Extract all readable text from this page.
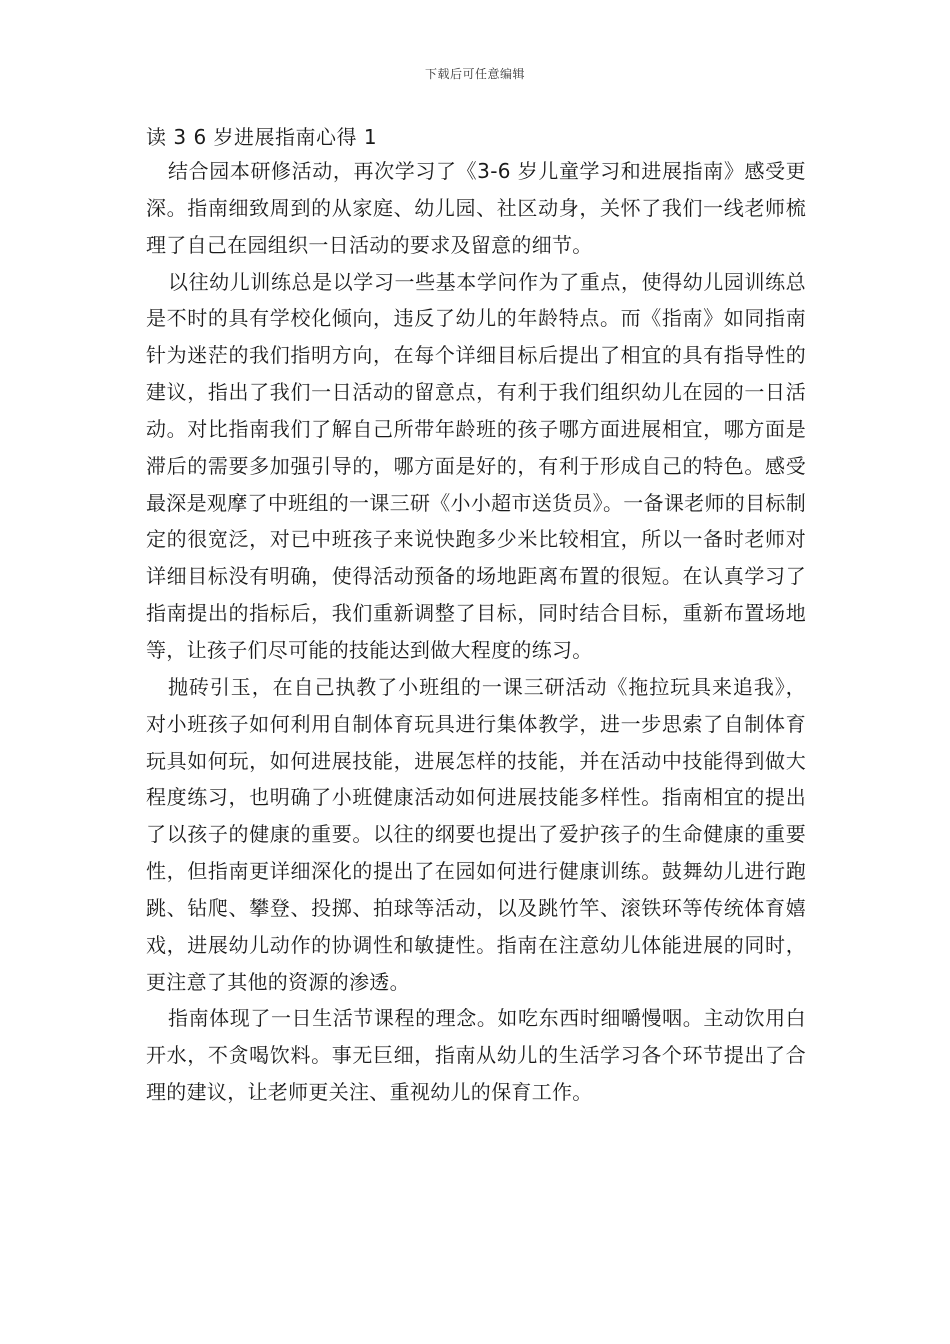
下载后可任意编辑
读 3 6 岁进展指南心得 1

结合园本研修活动，再次学习了《3-6 岁儿童学习和进展指南》感受更深。指南细致周到的从家庭、幼儿园、社区动身，关怀了我们一线老师梳理了自己在园组织一日活动的要求及留意的细节。

以往幼儿训练总是以学习一些基本学问作为了重点，使得幼儿园训练总是不时的具有学校化倾向，违反了幼儿的年龄特点。而《指南》如同指南针为迷茫的我们指明方向，在每个详细目标后提出了相宜的具有指导性的建议，指出了我们一日活动的留意点，有利于我们组织幼儿在园的一日活动。对比指南我们了解自己所带年龄班的孩子哪方面进展相宜，哪方面是滞后的需要多加强引导的，哪方面是好的，有利于形成自己的特色。感受最深是观摩了中班组的一课三研《小小超市送货员》。一备课老师的目标制定的很宽泛，对已中班孩子来说快跑多少米比较相宜，所以一备时老师对详细目标没有明确，使得活动预备的场地距离布置的很短。在认真学习了指南提出的指标后，我们重新调整了目标，同时结合目标，重新布置场地等，让孩子们尽可能的技能达到做大程度的练习。

抛砖引玉，在自己执教了小班组的一课三研活动《拖拉玩具来追我》，对小班孩子如何利用自制体育玩具进行集体教学，进一步思索了自制体育玩具如何玩，如何进展技能，进展怎样的技能，并在活动中技能得到做大程度练习，也明确了小班健康活动如何进展技能多样性。指南相宜的提出了以孩子的健康的重要。以往的纲要也提出了爱护孩子的生命健康的重要性，但指南更详细深化的提出了在园如何进行健康训练。鼓舞幼儿进行跑跳、钻爬、攀登、投掷、拍球等活动，以及跳竹竿、滚铁环等传统体育嬉戏，进展幼儿动作的协调性和敏捷性。指南在注意幼儿体能进展的同时，更注意了其他的资源的渗透。

指南体现了一日生活节课程的理念。如吃东西时细嚼慢咽。主动饮用白开水，不贪喝饮料。事无巨细，指南从幼儿的生活学习各个环节提出了合理的建议，让老师更关注、重视幼儿的保育工作。
